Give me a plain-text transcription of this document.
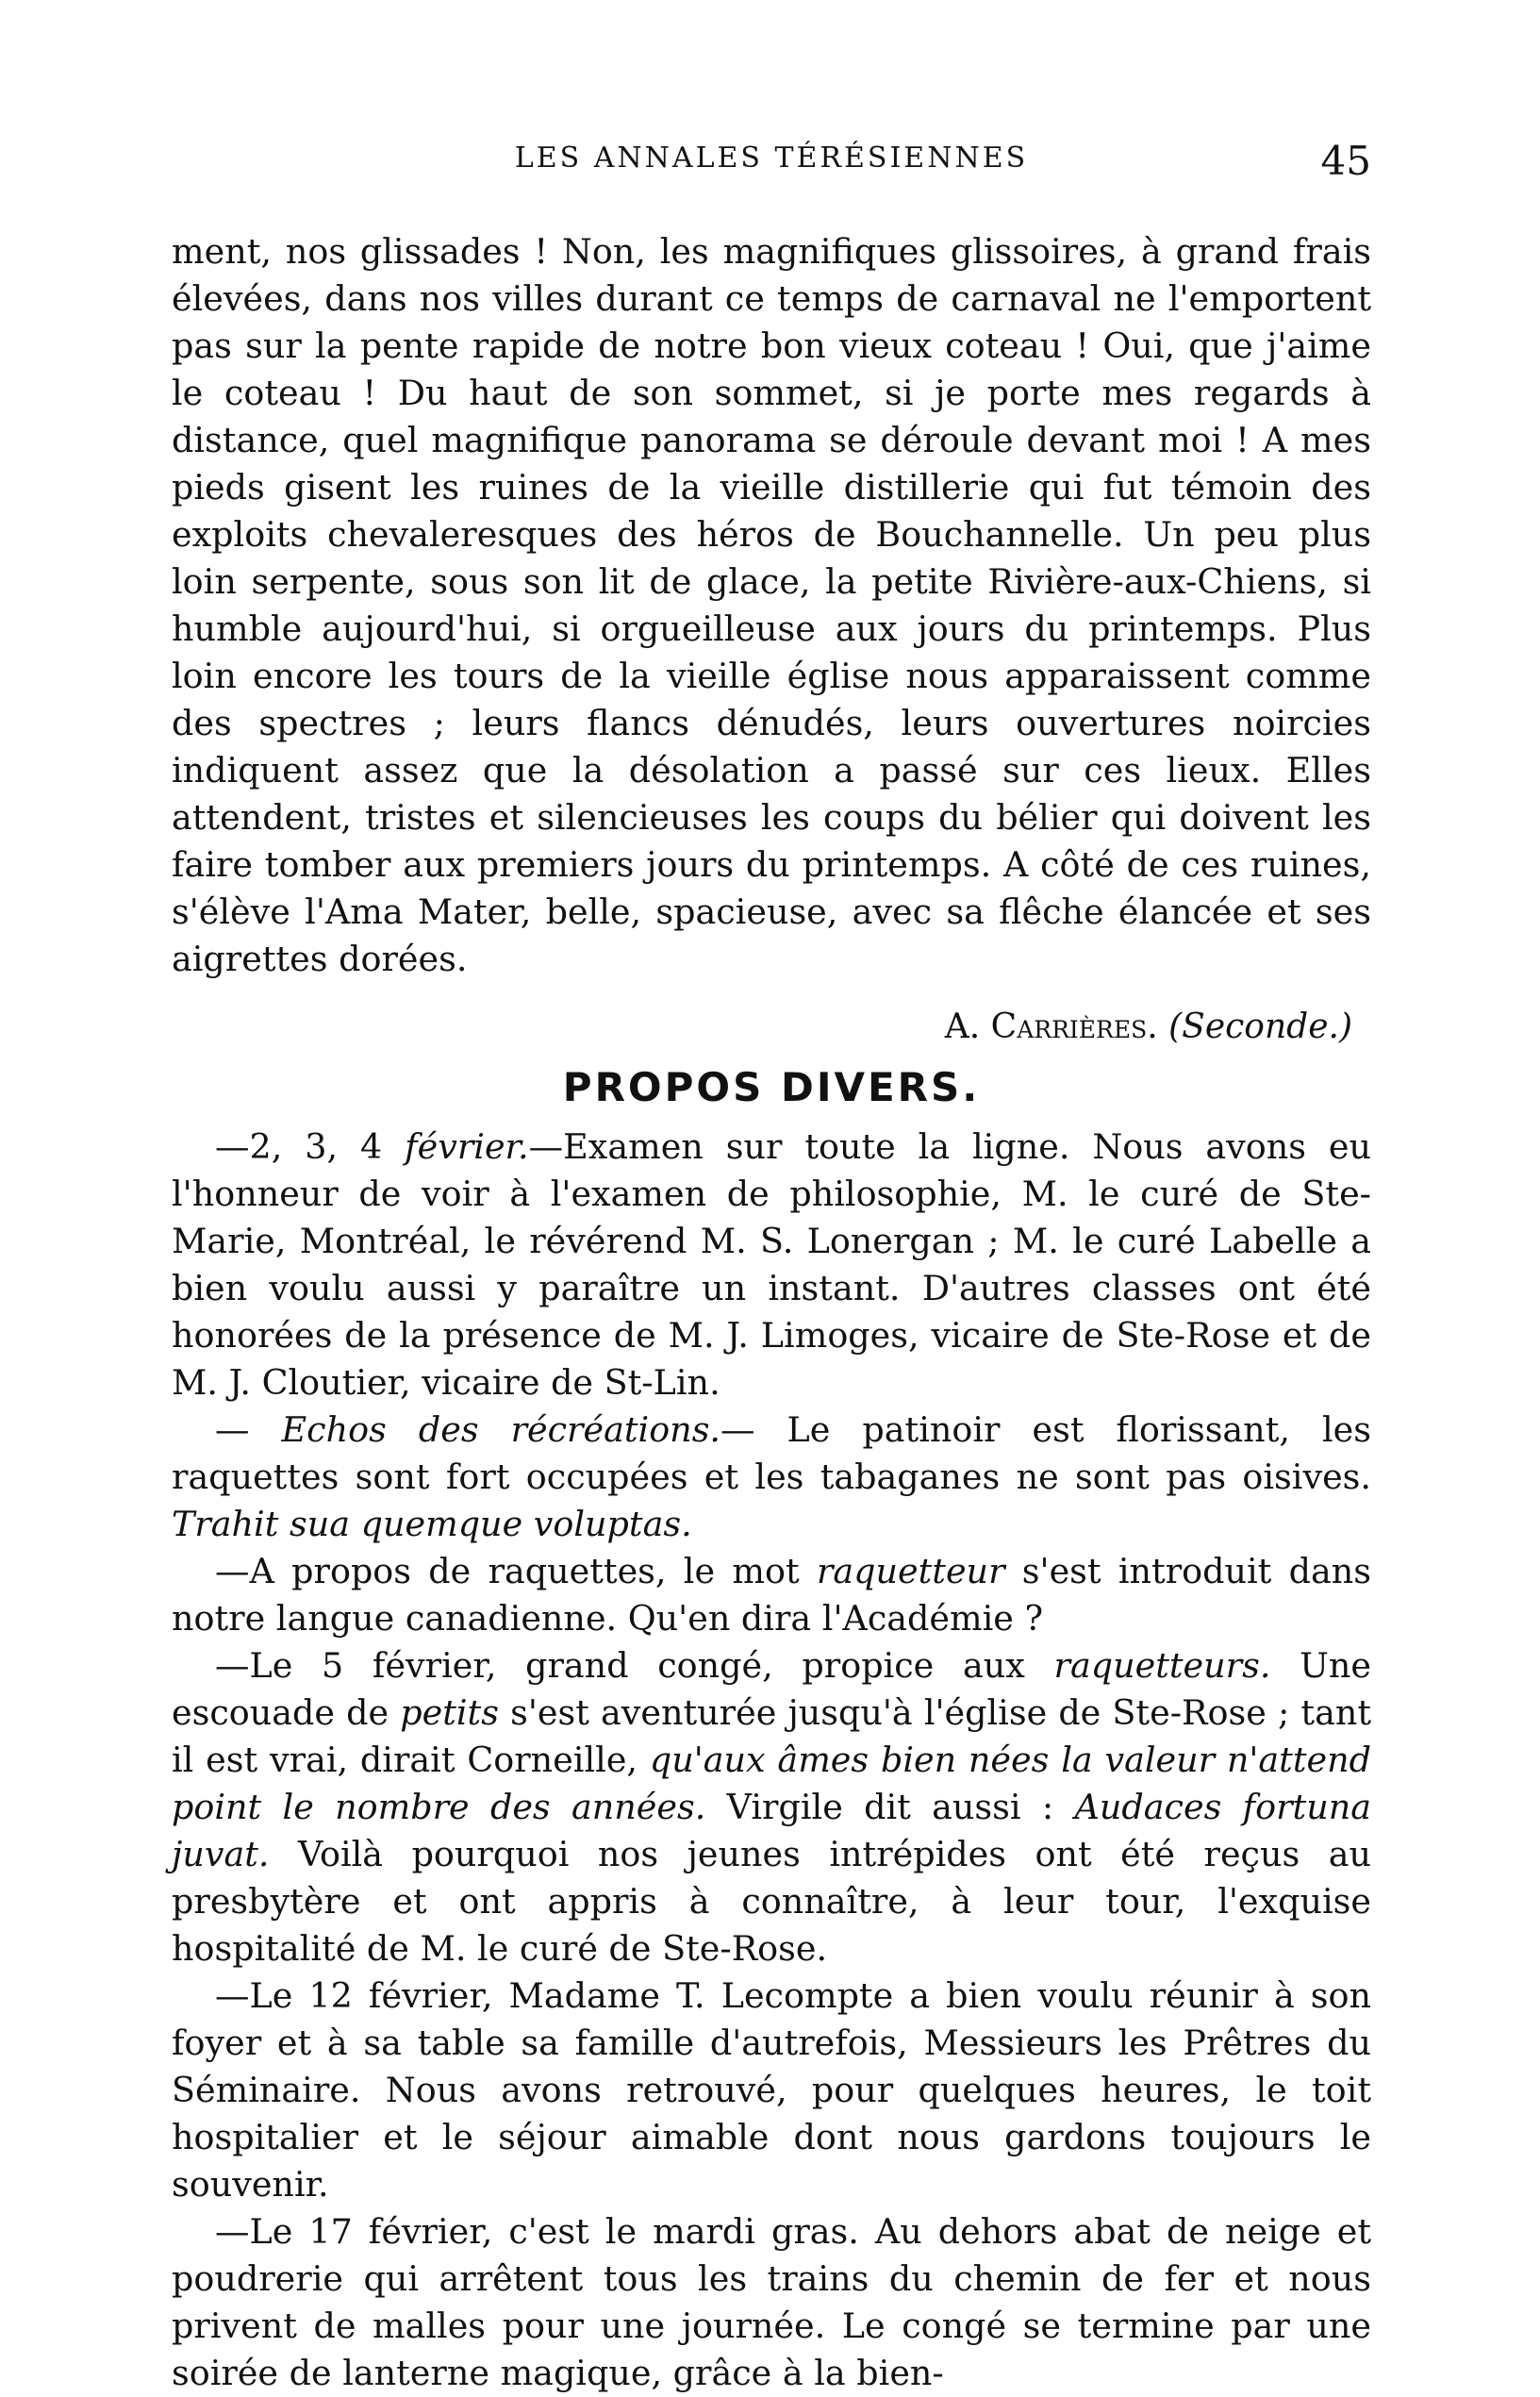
LES ANNALES TÉRÉSIENNES	45

ment, nos glissades ! Non, les magnifiques glissoires, à grand frais élevées, dans nos villes durant ce temps de carnaval ne l'emportent pas sur la pente rapide de notre bon vieux coteau ! Oui, que j'aime le coteau ! Du haut de son sommet, si je porte mes regards à distance, quel magnifique panorama se déroule devant moi ! A mes pieds gisent les ruines de la vieille distillerie qui fut témoin des exploits chevaleresques des héros de Bouchannelle. Un peu plus loin serpente, sous son lit de glace, la petite Rivière-aux-Chiens, si humble aujourd'hui, si orgueilleuse aux jours du printemps. Plus loin encore les tours de la vieille église nous apparaissent comme des spectres ; leurs flancs dénudés, leurs ouvertures noircies indiquent assez que la désolation a passé sur ces lieux. Elles attendent, tristes et silencieuses les coups du bélier qui doivent les faire tomber aux premiers jours du printemps. A côté de ces ruines, s'élève l'Ama Mater, belle, spacieuse, avec sa flêche élancée et ses aigrettes dorées.

A. Carrières. (Seconde.)
PROPOS DIVERS.

—2, 3, 4 février.—Examen sur toute la ligne. Nous avons eu l'honneur de voir à l'examen de philosophie, M. le curé de Ste-Marie, Montréal, le révérend M. S. Lonergan ; M. le curé Labelle a bien voulu aussi y paraître un instant. D'autres classes ont été honorées de la présence de M. J. Limoges, vicaire de Ste-Rose et de M. J. Cloutier, vicaire de St-Lin.

— Echos des récréations.— Le patinoir est florissant, les raquettes sont fort occupées et les tabaganes ne sont pas oisives. Trahit sua quemque voluptas.

—A propos de raquettes, le mot raquetteur s'est introduit dans notre langue canadienne. Qu'en dira l'Académie ?

—Le 5 février, grand congé, propice aux raquetteurs. Une escouade de petits s'est aventurée jusqu'à l'église de Ste-Rose ; tant il est vrai, dirait Corneille, qu'aux âmes bien nées la valeur n'attend point le nombre des années. Virgile dit aussi : Audaces fortuna juvat. Voilà pourquoi nos jeunes intrépides ont été reçus au presbytère et ont appris à connaître, à leur tour, l'exquise hospitalité de M. le curé de Ste-Rose.

—Le 12 février, Madame T. Lecompte a bien voulu réunir à son foyer et à sa table sa famille d'autrefois, Messieurs les Prêtres du Séminaire. Nous avons retrouvé, pour quelques heures, le toit hospitalier et le séjour aimable dont nous gardons toujours le souvenir.

—Le 17 février, c'est le mardi gras. Au dehors abat de neige et poudrerie qui arrêtent tous les trains du chemin de fer et nous privent de malles pour une journée. Le congé se termine par une soirée de lanterne magique, grâce à la bien-
